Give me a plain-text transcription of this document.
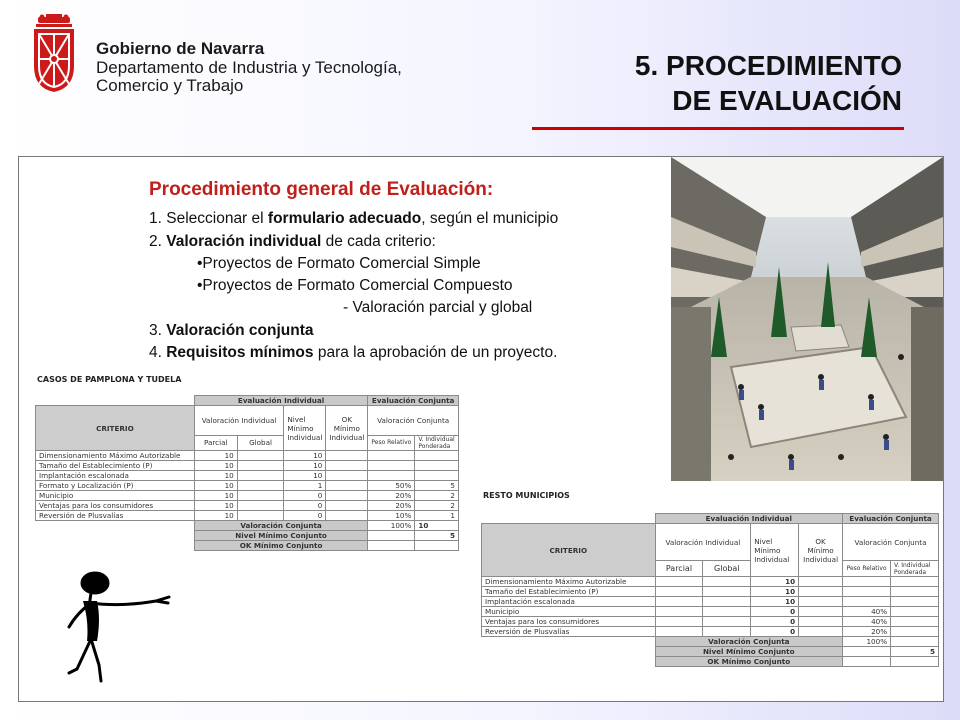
Gobierno de Navarra
Departamento de Industria y Tecnología,
Comercio y Trabajo
5. PROCEDIMIENTO
DE EVALUACIÓN
Procedimiento general de Evaluación:
1. Seleccionar el formulario adecuado, según el municipio
2. Valoración individual de cada criterio:
•Proyectos de Formato Comercial Simple
•Proyectos de Formato Comercial Compuesto
- Valoración parcial y global
3. Valoración conjunta
4. Requisitos mínimos para la aprobación de un proyecto.
CASOS DE PAMPLONA Y TUDELA
	Evaluación Individual				Evaluación Conjunta	
CRITERIO	Valoración Individual		Nivel Mínimo Individual	OK Mínimo Individual	Valoración Conjunta	
	Parcial	Global			Peso Relativo	V. Individual Ponderada
Dimensionamiento Máximo Autorizable	10		10			
Tamaño del Establecimiento (P)	10		10			
Implantación escalonada	10		10			
Formato y Localización (P)	10		1		50%	5
Municipio	10		0		20%	2
Ventajas para los consumidores	10		0		20%	2
Reversión de Plusvalías	10		0		10%	1
	Valoración Conjunta				100%	10
	Nivel Mínimo Conjunto					5
	OK Mínimo Conjunto					
RESTO MUNICIPIOS
	Evaluación Individual				Evaluación Conjunta	
CRITERIO	Valoración Individual		Nivel Mínimo Individual	OK Mínimo Individual	Valoración Conjunta	
	Parcial	Global			Peso Relativo	V. Individual Ponderada
Dimensionamiento Máximo Autorizable			10			
Tamaño del Establecimiento (P)			10			
Implantación escalonada			10			
Municipio			0		40%	
Ventajas para los consumidores			0		40%	
Reversión de Plusvalías			0		20%	
	Valoración Conjunta				100%	
	Nivel Mínimo Conjunto					5
	OK Mínimo Conjunto					
